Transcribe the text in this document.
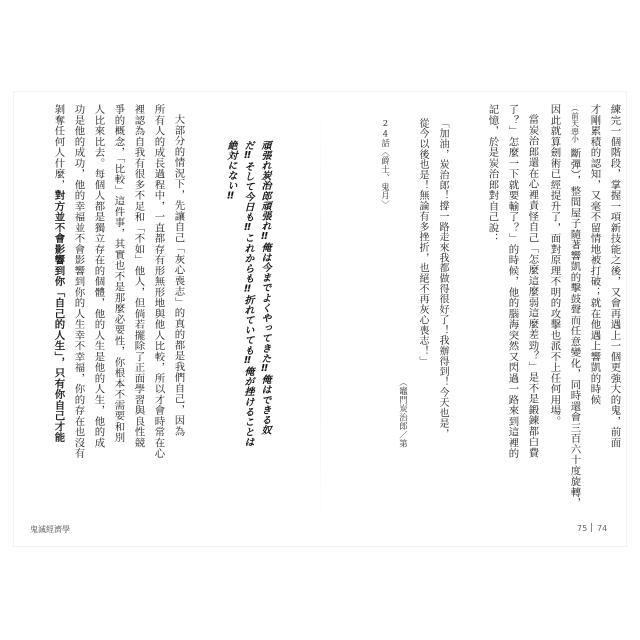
練完一個階段，掌握一項新技能之後，又會再遇上一個更強大的鬼，前面
才剛累積的認知，又毫不留情地被打破；就在他遇上響凱的時候
（前天惡小
斷彈），整間屋子隨著響凱的擊鼓聲而任意變化，同時還會三百六十度旋轉，
因此就算劍術已經提升了，面對原理不明的攻擊也派不上任何用場。
當炭治郎還在心裡責怪自己「怎麼這麼弱這麼差勁？」是不是鍛鍊都白費
了？」怎麼一下就要輸了？」的時候，他的腦海突然又閃過一路來到這裡的
記憶，於是炭治郎對自己說：
「加油，炭治郎！撐一路走來我都做得很好了！我辦得到！今天也是，
從今以後也是！無論有多挫折，也絕不再灰心喪志！」
（竈門炭治郎／第
24話〈爵士、鬼月〉
頑張れ炭治郎頑張れ‼︎俺は今までよくやってきた‼︎俺はできる奴
だ‼︎そして今日も‼︎これからも‼︎折れていても‼︎俺が挫けることは
絶対にない‼︎
大部分的情況下，先讓自己「灰心喪志」的真的都是我們自己，因為
所有人的成長過程中，一直都存有形無形地與他人比較，所以才會時常在心
裡認為自我有很多不足和「不如」他人，但倘若擺除了正面學習與良性競
爭的概念，「比較」這件事，其實也不是那麼必要性，你根本不需要和別
人比來比去。每個人都是獨立存在的個體，他的人生是他的人生，他的成
功是他的成功，他的幸福並不會影響到你的人生幸不幸福，你的存在也沒有
剝奪任何人什麼，對方並不會影響到你「自己的人生」，只有你自己才能
鬼滅經濟學	75 74
